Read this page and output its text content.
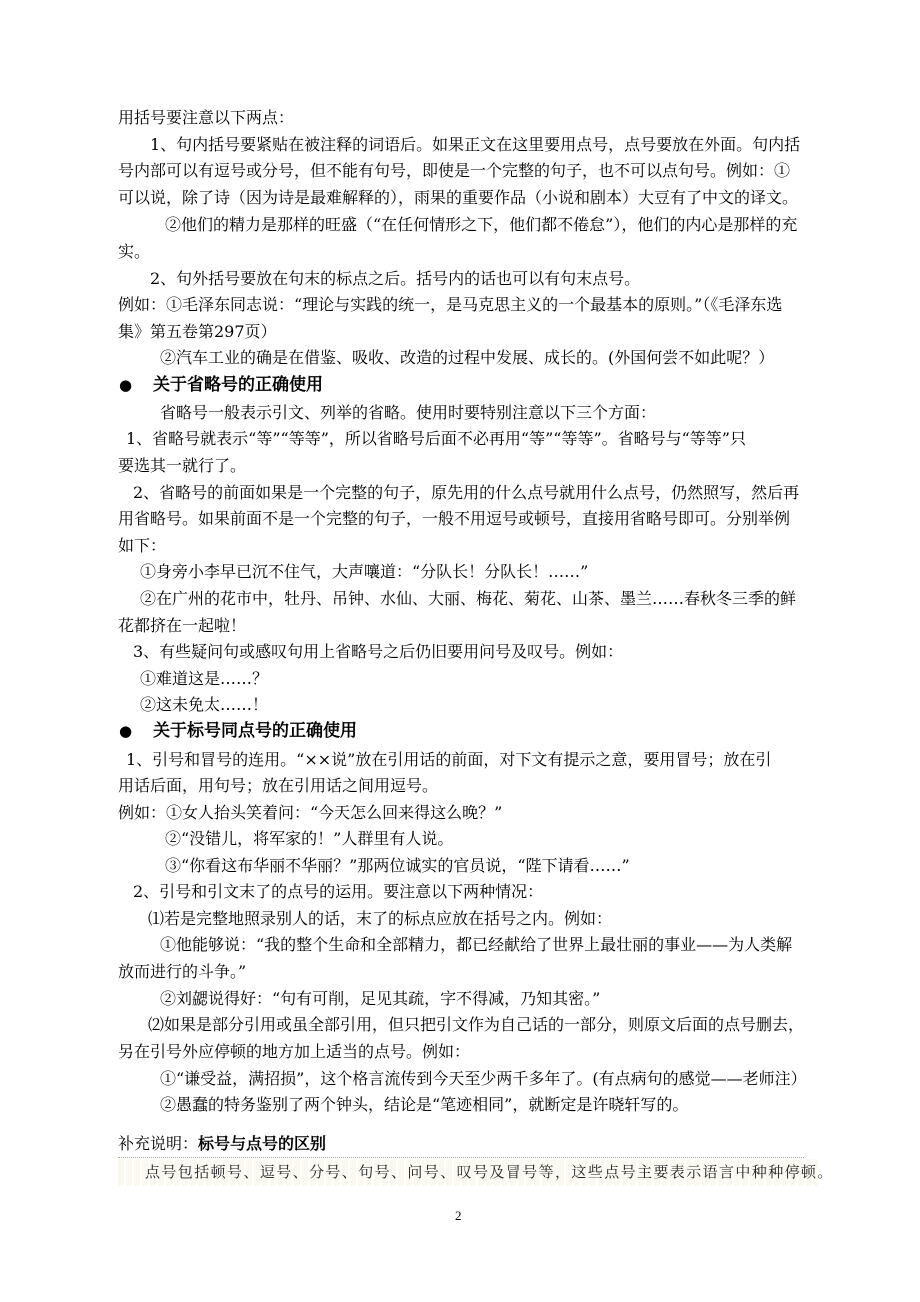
用括号要注意以下两点：
1、句内括号要紧贴在被注释的词语后。如果正文在这里要用点号，点号要放在外面。句内括
号内部可以有逗号或分号，但不能有句号，即使是一个完整的句子，也不可以点句号。例如：①
可以说，除了诗（因为诗是最难解释的），雨果的重要作品（小说和剧本）大豆有了中文的译文。
②他们的精力是那样的旺盛（“在任何情形之下，他们都不倦怠”），他们的内心是那样的充
实。
2、句外括号要放在句末的标点之后。括号内的话也可以有句末点号。
例如：①毛泽东同志说：“理论与实践的统一，是马克思主义的一个最基本的原则。”（《毛泽东选
集》第五卷第297页）
②汽车工业的确是在借鉴、吸收、改造的过程中发展、成长的。(外国何尝不如此呢？）
省略号一般表示引文、列举的省略。使用时要特别注意以下三个方面：
1、省略号就表示“等”“等等”，所以省略号后面不必再用“等”“等等”。省略号与“等等”只
要选其一就行了。
2、省略号的前面如果是一个完整的句子，原先用的什么点号就用什么点号，仍然照写，然后再
用省略号。如果前面不是一个完整的句子，一般不用逗号或顿号，直接用省略号即可。分别举例
如下：
①身旁小李早已沉不住气，大声嚷道：“分队长！分队长！……”
②在广州的花市中，牡丹、吊钟、水仙、大丽、梅花、菊花、山茶、墨兰……春秋冬三季的鲜
花都挤在一起啦！
3、有些疑问句或感叹句用上省略号之后仍旧要用问号及叹号。例如：
①难道这是……？
②这未免太……！
1、引号和冒号的连用。“××说”放在引用话的前面，对下文有提示之意，要用冒号；放在引
用话后面，用句号；放在引用话之间用逗号。
例如：①女人抬头笑着问：“今天怎么回来得这么晚？”
②“没错儿，将军家的！”人群里有人说。
③“你看这布华丽不华丽？”那两位诚实的官员说，“陛下请看……”
2、引号和引文末了的点号的运用。要注意以下两种情况：
⑴若是完整地照录别人的话，末了的标点应放在括号之内。例如：
①他能够说：“我的整个生命和全部精力，都已经献给了世界上最壮丽的事业——为人类解
放而进行的斗争。”
②刘勰说得好：“句有可削，足见其疏，字不得减，乃知其密。”
⑵如果是部分引用或虽全部引用，但只把引文作为自己话的一部分，则原文后面的点号删去，
另在引号外应停顿的地方加上适当的点号。例如：
①“谦受益，满招损”，这个格言流传到今天至少两千多年了。(有点病句的感觉——老师注）
②愚蠢的特务鉴别了两个钟头，结论是“笔迹相同”，就断定是许晓轩写的。
● 关于省略号的正确使用
● 关于标号同点号的正确使用
补充说明：标号与点号的区别
点号包括顿号、逗号、分号、句号、问号、叹号及冒号等，这些点号主要表示语言中种种停顿。
2
